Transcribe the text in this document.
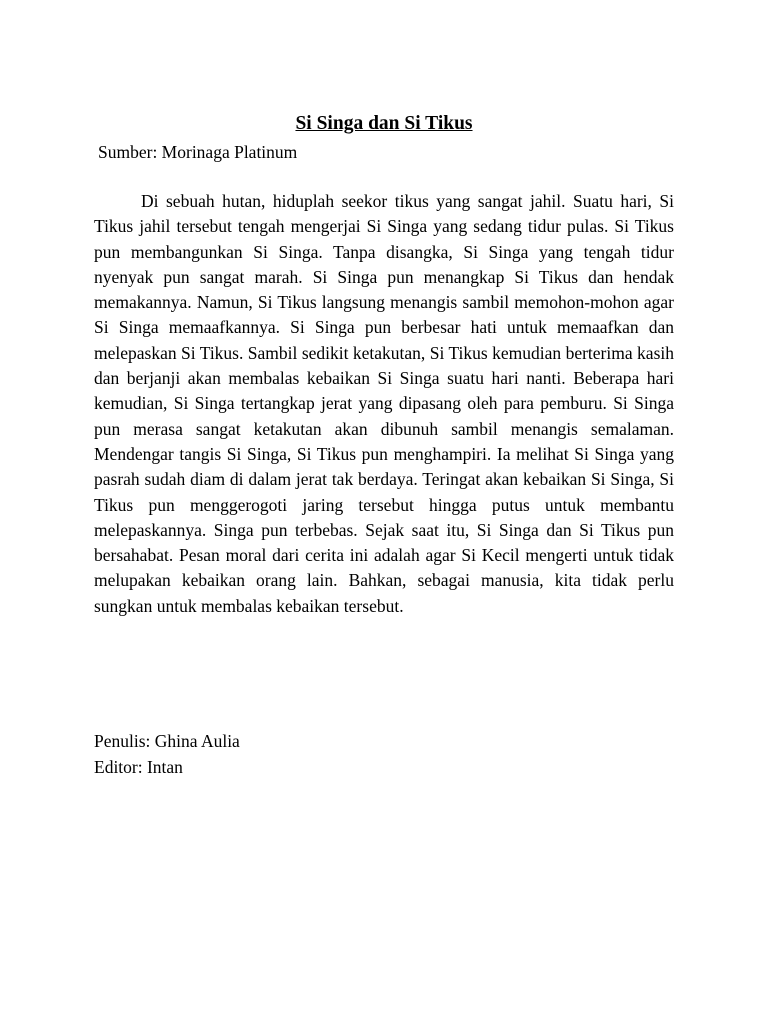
Si Singa dan Si Tikus

Sumber: Morinaga Platinum

Di sebuah hutan, hiduplah seekor tikus yang sangat jahil. Suatu hari, Si Tikus jahil tersebut tengah mengerjai Si Singa yang sedang tidur pulas. Si Tikus pun membangunkan Si Singa. Tanpa disangka, Si Singa yang tengah tidur nyenyak pun sangat marah. Si Singa pun menangkap Si Tikus dan hendak memakannya. Namun, Si Tikus langsung menangis sambil memohon-mohon agar Si Singa memaafkannya. Si Singa pun berbesar hati untuk memaafkan dan melepaskan Si Tikus. Sambil sedikit ketakutan, Si Tikus kemudian berterima kasih dan berjanji akan membalas kebaikan Si Singa suatu hari nanti. Beberapa hari kemudian, Si Singa tertangkap jerat yang dipasang oleh para pemburu. Si Singa pun merasa sangat ketakutan akan dibunuh sambil menangis semalaman. Mendengar tangis Si Singa, Si Tikus pun menghampiri. Ia melihat Si Singa yang pasrah sudah diam di dalam jerat tak berdaya. Teringat akan kebaikan Si Singa, Si Tikus pun menggerogoti jaring tersebut hingga putus untuk membantu melepaskannya. Singa pun terbebas. Sejak saat itu, Si Singa dan Si Tikus pun bersahabat. Pesan moral dari cerita ini adalah agar Si Kecil mengerti untuk tidak melupakan kebaikan orang lain. Bahkan, sebagai manusia, kita tidak perlu sungkan untuk membalas kebaikan tersebut.

Penulis: Ghina Aulia

Editor: Intan
